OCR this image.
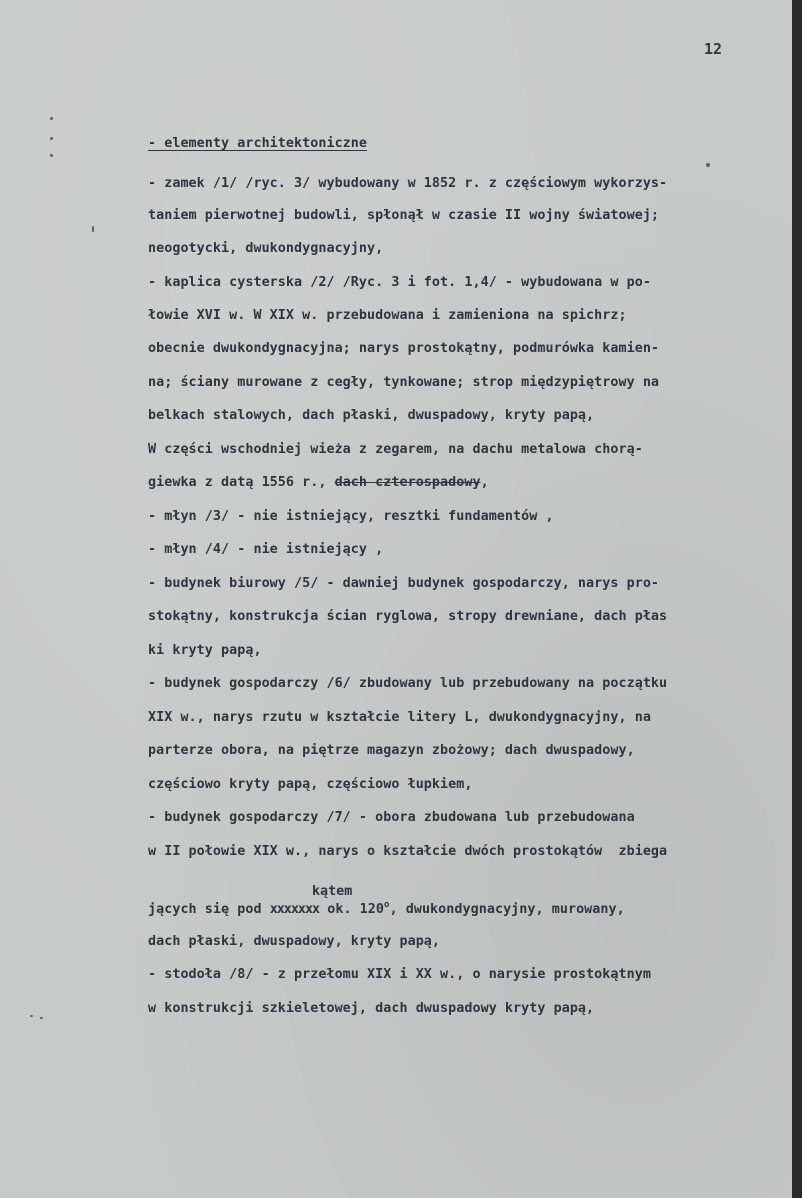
12
- elementy architektoniczne
- zamek /1/ /ryc. 3/ wybudowany w 1852 r. z częściowym wykorzys-
taniem pierwotnej budowli, spłonął w czasie II wojny światowej;
neogotycki, dwukondygnacyjny,
- kaplica cysterska /2/ /Ryc. 3 i fot. 1,4/ - wybudowana w po-
łowie XVI w. W XIX w. przebudowana i zamieniona na spichrz;
obecnie dwukondygnacyjna; narys prostokątny, podmurówka kamien-
na; ściany murowane z cegły, tynkowane; strop międzypiętrowy na
belkach stalowych, dach płaski, dwuspadowy, kryty papą,
W części wschodniej wieża z zegarem, na dachu metalowa chorą-
giewka z datą 1556 r., dach czterospadowy,
- młyn /3/ - nie istniejący, resztki fundamentów ,
- młyn /4/ - nie istniejący ,
- budynek biurowy /5/ - dawniej budynek gospodarczy, narys pro-
stokątny, konstrukcja ścian ryglowa, stropy drewniane, dach płas
ki kryty papą,
- budynek gospodarczy /6/ zbudowany lub przebudowany na początku
XIX w., narys rzutu w kształcie litery L, dwukondygnacyjny, na
parterze obora, na piętrze magazyn zbożowy; dach dwuspadowy,
częściowo kryty papą, częściowo łupkiem,
- budynek gospodarczy /7/ - obora zbudowana lub przebudowana
w II połowie XIX w., narys o kształcie dwóch prostokątów  zbiega
kątem
jących się pod xxxxxxx ok. 120$^o$, dwukondygnacyjny, murowany,
dach płaski, dwuspadowy, kryty papą,
- stodoła /8/ - z przełomu XIX i XX w., o narysie prostokątnym
w konstrukcji szkieletowej, dach dwuspadowy kryty papą,
